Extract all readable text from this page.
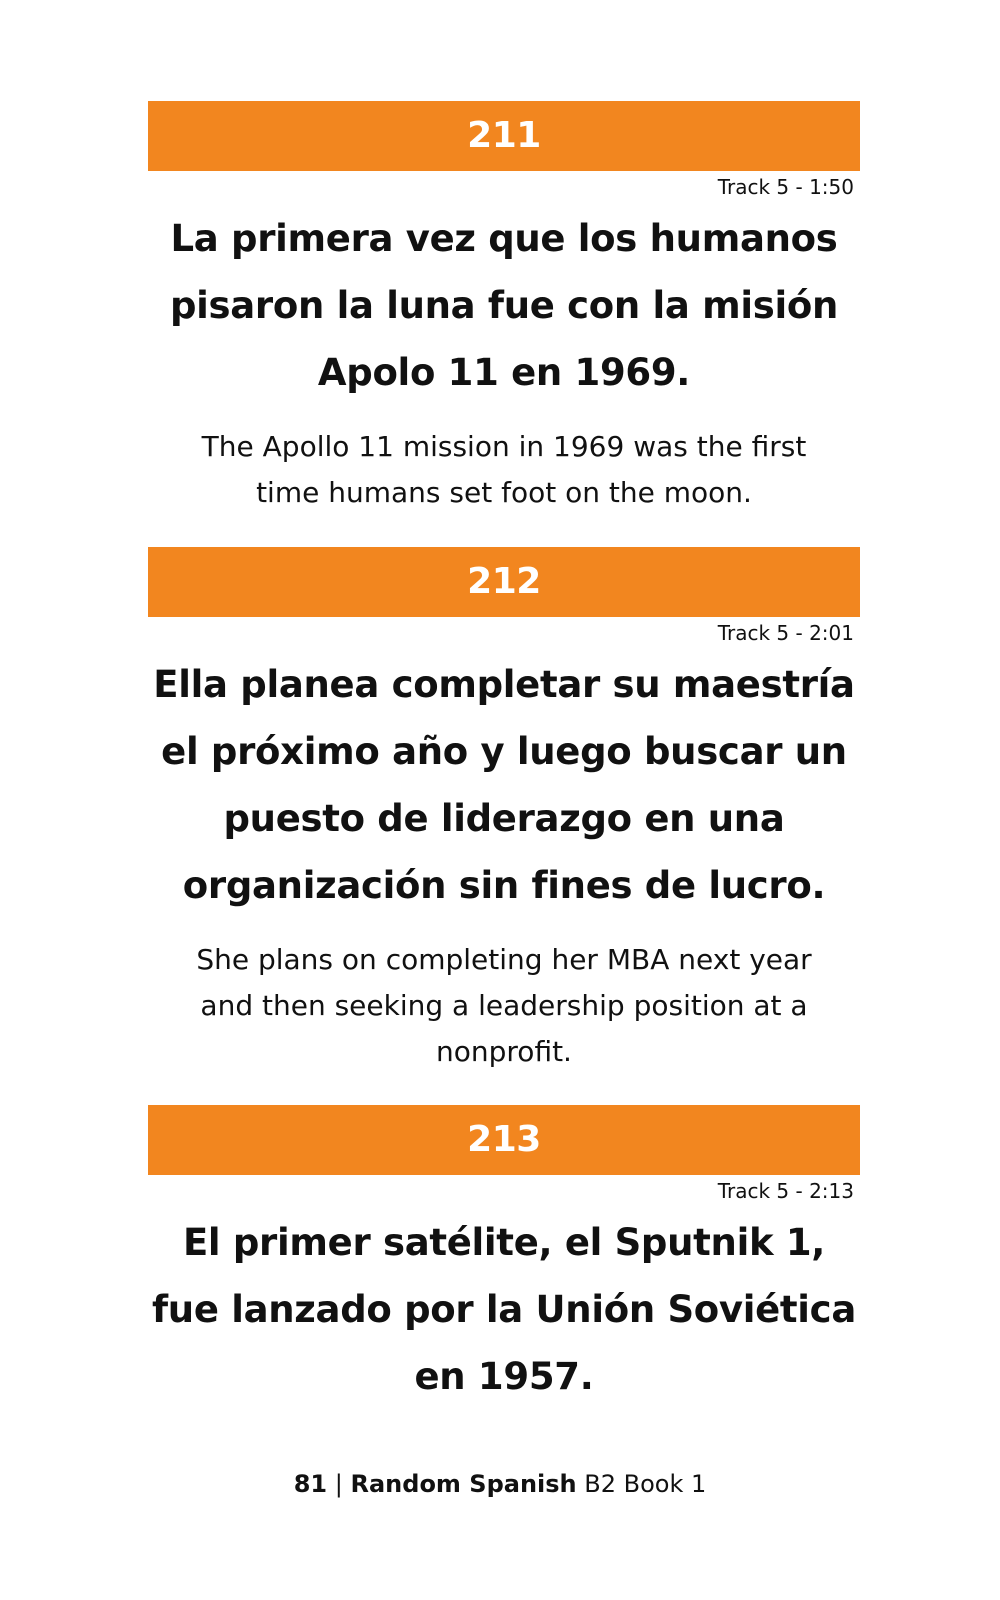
211
Track 5 - 1:50
La primera vez que los humanos pisaron la luna fue con la misión Apolo 11 en 1969.
The Apollo 11 mission in 1969 was the first time humans set foot on the moon.
212
Track 5 - 2:01
Ella planea completar su maestría el próximo año y luego buscar un puesto de liderazgo en una organización sin fines de lucro.
She plans on completing her MBA next year and then seeking a leadership position at a nonprofit.
213
Track 5 - 2:13
El primer satélite, el Sputnik 1, fue lanzado por la Unión Soviética en 1957.
81 | Random Spanish B2 Book 1
